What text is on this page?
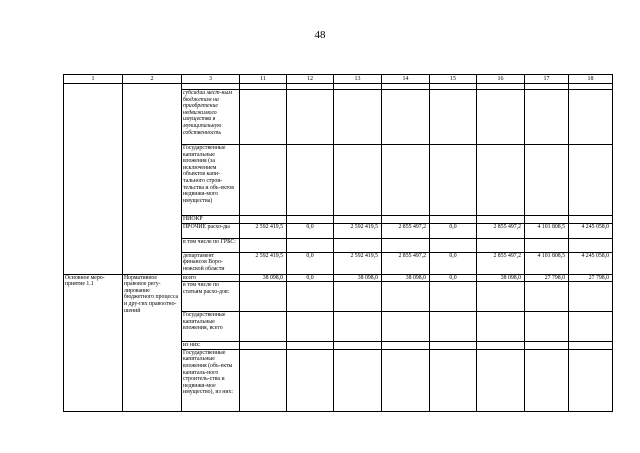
48
1	2	3	11	12	13	14	15	16	17	18

		субсидии мест-ным бюджетам на приобретение недвижимого имущества в муниципальную собственность								
		Государственные капитальные вложения (за исключением объектов капи-тального строи-тельства и объ-ектов недвижи-мого имущества)								
		НИОКР								
		ПРОЧИЕ расхо-ды	2 592 419,5	0,0	2 592 419,5	2 855 497,2	0,0	2 855 497,2	4 101 808,5	4 245 058,0
		в том числе по ГРБС:								
		департамент финансов Воро-нежской области	2 592 419,5	0,0	2 592 419,5	2 855 497,2	0,0	2 855 497,2	4 101 808,5	4 245 058,0
Основное меро-приятие 1.1	Нормативное правовое регу-лирование бюджетного процесса и дру-гих правоотно-шений	всего	38 098,0	0,0	38 098,0	38 098,0	0,0	38 098,0	27 798,0	27 798,0
		в том числе по статьям расхо-дов:								
		Государственные капитальные вложения, всего								
		из них:								
		Государственные капитальные вложения (объ-екты капиталь-ного строитель-ства и недвижи-мое имущество), из них:								
